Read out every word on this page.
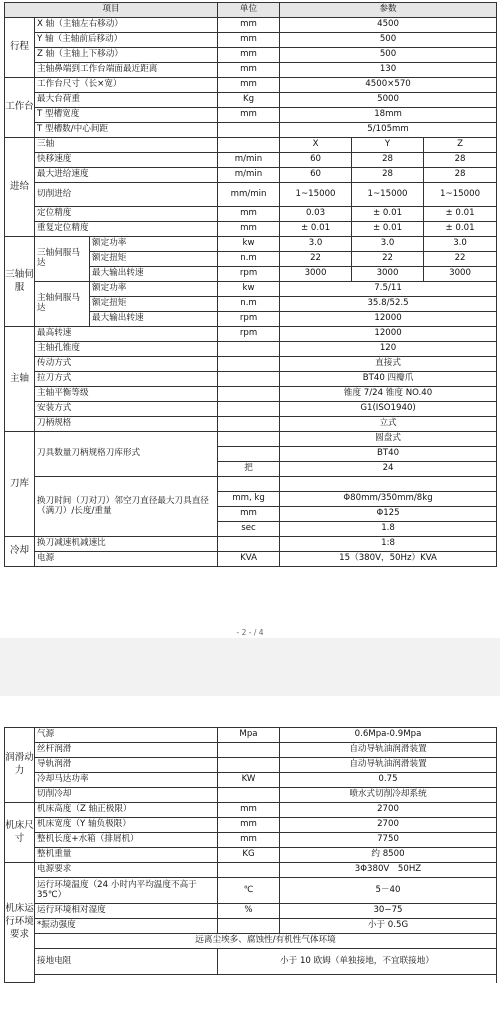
项目			单位	参数		
行程	X 轴（主轴左右移动）		mm	4500		
	Y 轴（主轴前后移动）		mm	500		
	Z 轴（主轴上下移动）		mm	500		
	主轴鼻端到工作台端面最近距离		mm	130		
工作台	工作台尺寸（长×宽）		mm	4500×570		
	最大台荷重		Kg	5000		
	T 型槽宽度		mm	18mm		
	T 型槽数/中心间距			5/105mm		
进给	三轴			X	Y	Z
	快移速度		m/min	60	28	28
	最大进给速度		m/min	60	28	28
	切削进给		mm/min	1~15000	1~15000	1~15000
	定位精度		mm	0.03	± 0.01	± 0.01
	重复定位精度		mm	± 0.01	± 0.01	± 0.01
三轴伺服	三轴伺服马达	额定功率	kw	3.0	3.0	3.0
		额定扭矩	n.m	22	22	22
		最大输出转速	rpm	3000	3000	3000
	主轴伺服马达	额定功率	kw	7.5/11		
		额定扭矩	n.m	35.8/52.5		
		最大输出转速	rpm	12000		
主轴	最高转速		rpm	12000		
	主轴孔锥度			120		
	传动方式			直接式		
	拉刀方式			BT40 四瓣爪		
	主轴平衡等级			锥度 7/24 锥度 NO.40		
	安装方式			G1(ISO1940)		
	刀柄规格			立式		
刀库	刀具数量刀柄规格刀库形式			圆盘式		
				BT40		
			把	24		
	换刀时间（刀对刀）邻空刀直径最大刀具直径（满刀）/长度/重量					
			mm, kg	Φ80mm/350mm/8kg		
			mm	Φ125		
			sec	1.8		
冷却	换刀减速机减速比			1:8		
	电源		KVA	15（380V，50Hz）KVA		
- 2 - / 4
润滑动力	气源	Mpa	0.6Mpa-0.9Mpa
	丝杆润滑		自动导轨油润滑装置
	导轨润滑		自动导轨油润滑装置
	冷却马达功率	KW	0.75
	切削冷却		喷水式切削冷却系统
机床尺寸	机床高度（Z 轴正极限）	mm	2700
	机床宽度（Y 轴负极限）	mm	2700
	整机长度+水箱（排屑机）	mm	7750
	整机重量	KG	约 8500
机床运行环境要求	电源要求		3Φ380V　50HZ
	运行环境温度（24 小时内平均温度不高于 35℃）	℃	5－40
	运行环境相对湿度	%	30−75
	*振动强度		小于 0.5G
	远离尘埃多、腐蚀性/有机性气体环境		
	接地电阻	小于 10 欧姆（单独接地，不宜联接地）	
